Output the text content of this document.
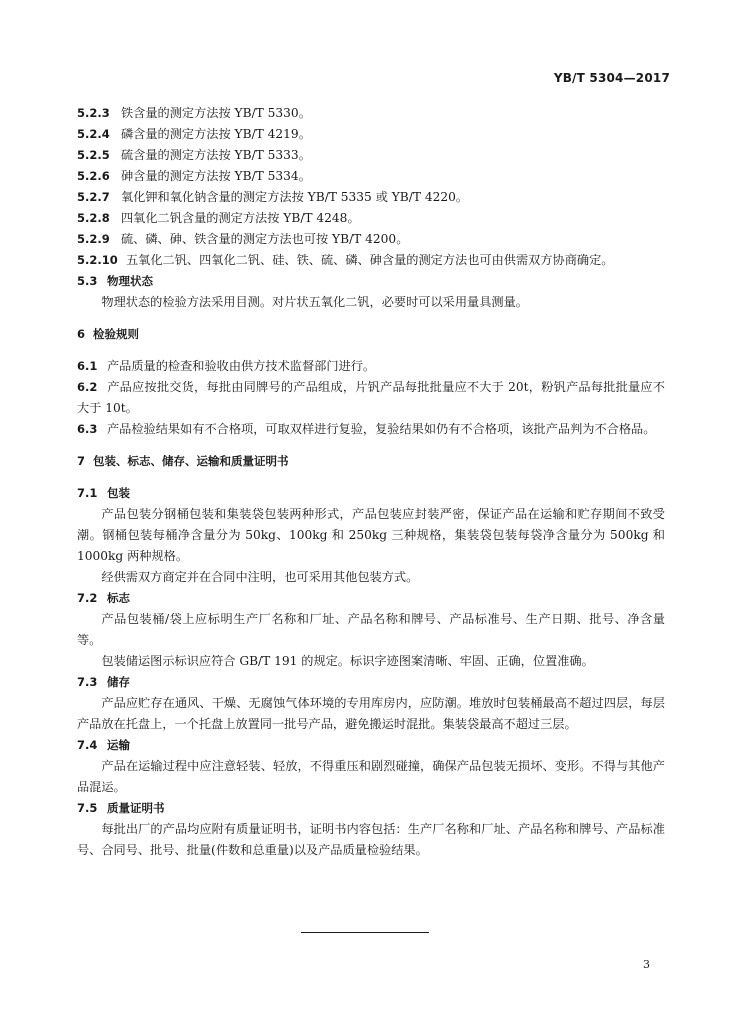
YB/T 5304—2017
5.2.3 铁含量的测定方法按 YB/T 5330。
5.2.4 磷含量的测定方法按 YB/T 4219。
5.2.5 硫含量的测定方法按 YB/T 5333。
5.2.6 砷含量的测定方法按 YB/T 5334。
5.2.7 氧化钾和氧化钠含量的测定方法按 YB/T 5335 或 YB/T 4220。
5.2.8 四氧化二钒含量的测定方法按 YB/T 4248。
5.2.9 硫、磷、砷、铁含量的测定方法也可按 YB/T 4200。
5.2.10 五氧化二钒、四氧化二钒、硅、铁、硫、磷、砷含量的测定方法也可由供需双方协商确定。
5.3 物理状态
物理状态的检验方法采用目测。对片状五氧化二钒，必要时可以采用量具测量。
6 检验规则
6.1 产品质量的检查和验收由供方技术监督部门进行。
6.2 产品应按批交货，每批由同牌号的产品组成，片钒产品每批批量应不大于 20t，粉钒产品每批批量应不大于 10t。
6.3 产品检验结果如有不合格项，可取双样进行复验，复验结果如仍有不合格项，该批产品判为不合格品。
7 包装、标志、储存、运输和质量证明书
7.1 包装
产品包装分钢桶包装和集装袋包装两种形式，产品包装应封装严密，保证产品在运输和贮存期间不致受潮。钢桶包装每桶净含量分为 50kg、100kg 和 250kg 三种规格，集装袋包装每袋净含量分为 500kg 和 1000kg 两种规格。
经供需双方商定并在合同中注明，也可采用其他包装方式。
7.2 标志
产品包装桶/袋上应标明生产厂名称和厂址、产品名称和牌号、产品标准号、生产日期、批号、净含量等。
包装储运图示标识应符合 GB/T 191 的规定。标识字迹图案清晰、牢固、正确，位置准确。
7.3 储存
产品应贮存在通风、干燥、无腐蚀气体环境的专用库房内，应防潮。堆放时包装桶最高不超过四层，每层产品放在托盘上，一个托盘上放置同一批号产品，避免搬运时混批。集装袋最高不超过三层。
7.4 运输
产品在运输过程中应注意轻装、轻放，不得重压和剧烈碰撞，确保产品包装无损坏、变形。不得与其他产品混运。
7.5 质量证明书
每批出厂的产品均应附有质量证明书，证明书内容包括：生产厂名称和厂址、产品名称和牌号、产品标准号、合同号、批号、批量(件数和总重量)以及产品质量检验结果。
3
